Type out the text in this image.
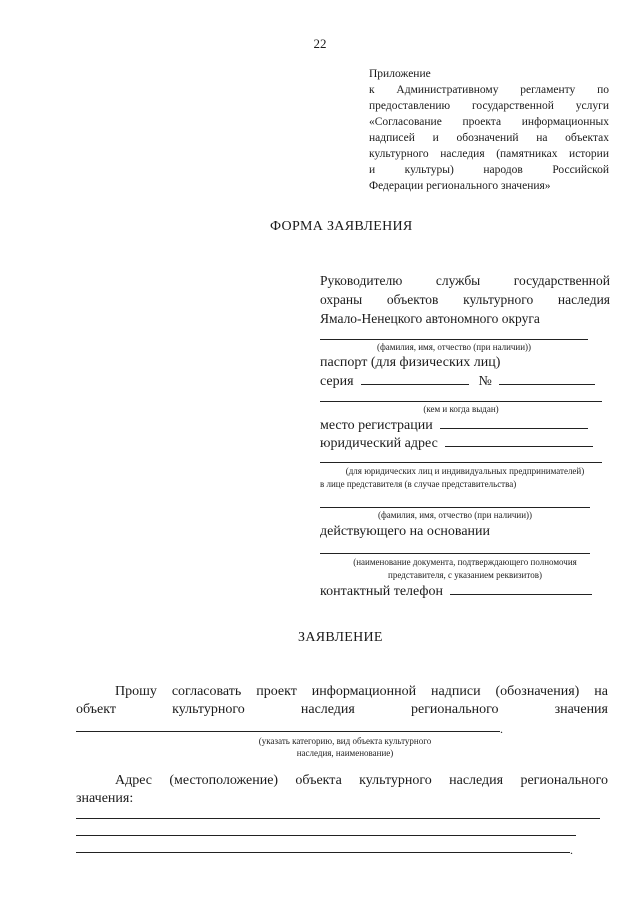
22
Приложение
к Административному регламенту по
предоставлению государственной услуги
«Согласование проекта информационных
надписей и обозначений на объектах
культурного наследия (памятниках истории
и культуры) народов Российской
Федерации регионального значения»
ФОРМА ЗАЯВЛЕНИЯ
Руководителю службы государственной
охраны объектов культурного наследия
Ямало-Ненецкого автономного округа
(фамилия, имя, отчество (при наличии))
паспорт (для физических лиц)
серия	№
(кем и когда выдан)
место регистрации
юридический адрес
(для юридических лиц и индивидуальных предпринимателей)
в лице представителя (в случае представительства)
(фамилия, имя, отчество (при наличии))
действующего на основании
(наименование документа, подтверждающего полномочия
представителя, с указанием реквизитов)
контактный телефон
ЗАЯВЛЕНИЕ
Прошу согласовать проект информационной надписи (обозначения) на
объект культурного наследия регионального значения
.
(указать категорию, вид объекта культурного
наследия, наименование)
Адрес (местоположение) объекта культурного наследия регионального
значения:
.
